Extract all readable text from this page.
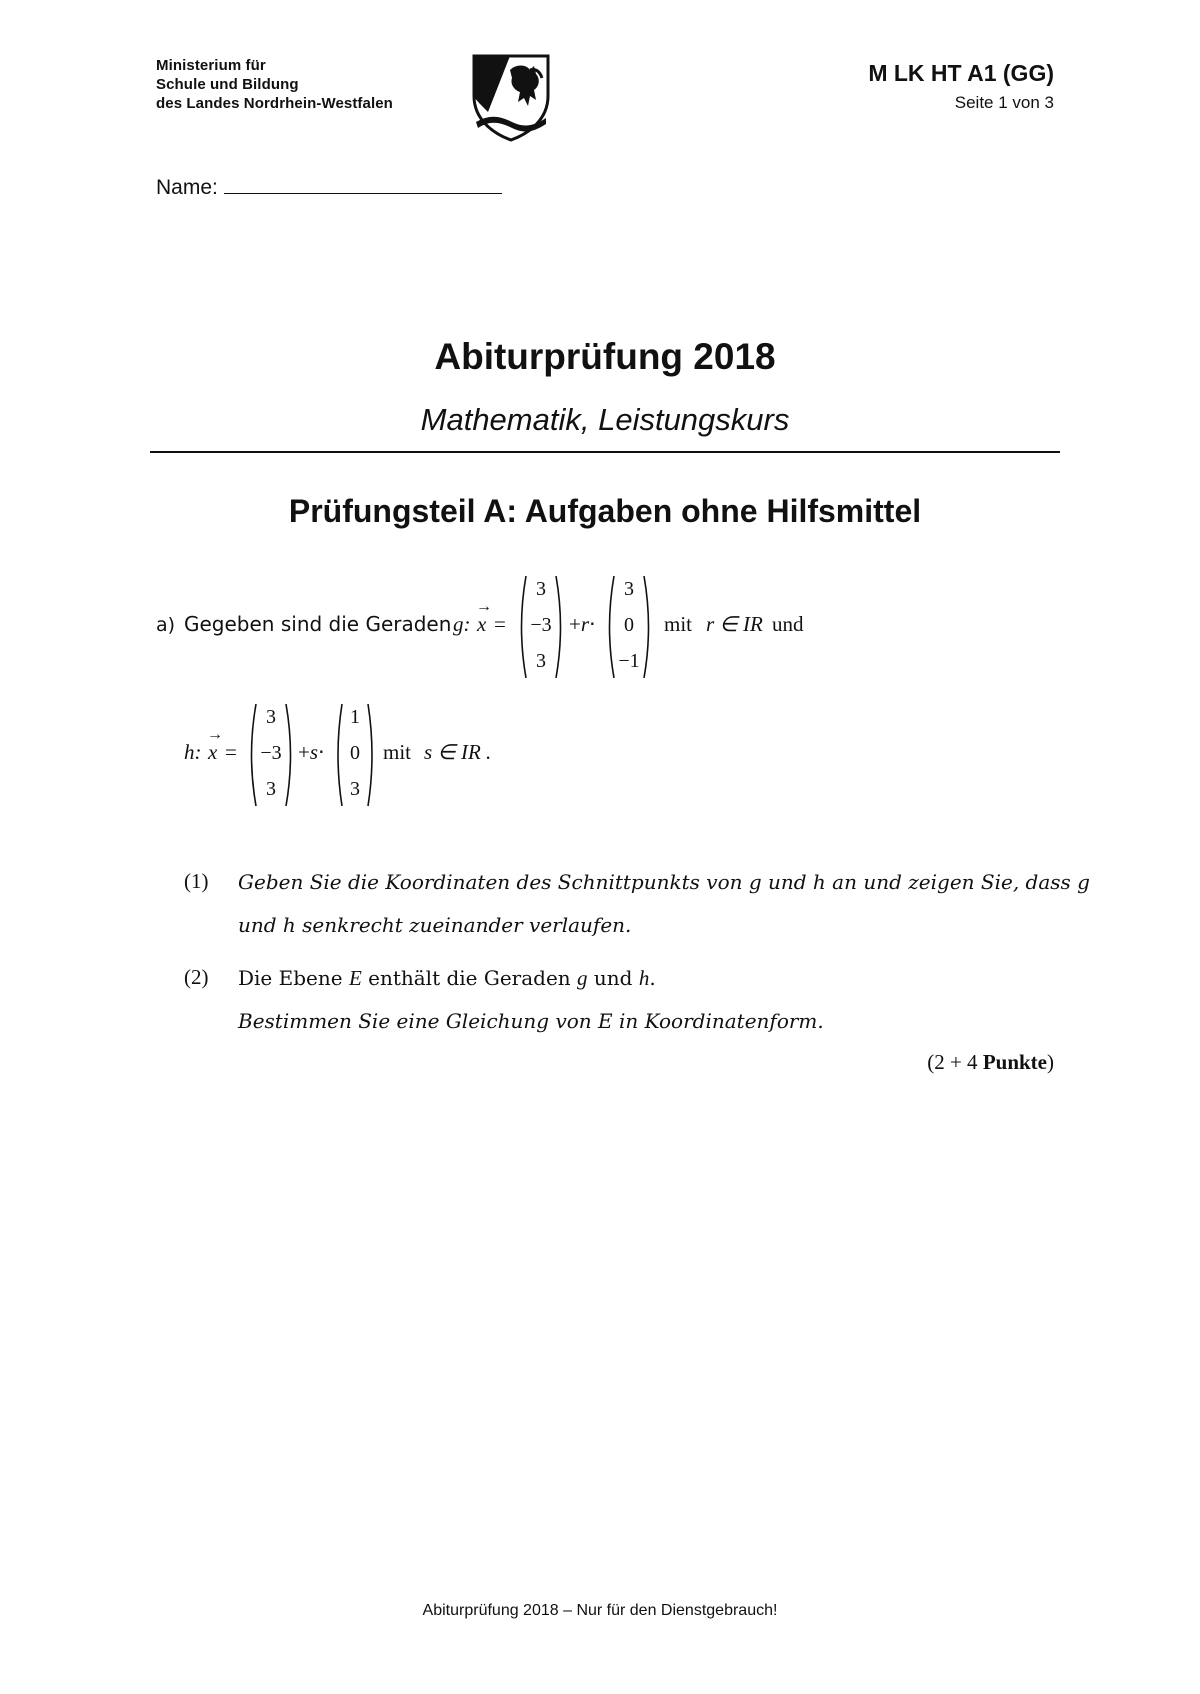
Ministerium für
Schule und Bildung
des Landes Nordrhein-Westfalen
M LK HT A1 (GG)
Seite 1 von 3
Name:
Abiturprüfung 2018
Mathematik, Leistungskurs
Prüfungsteil A: Aufgaben ohne Hilfsmittel
a) Gegeben sind die Geraden g: x
→
=
3
−3
3
+r⋅
3
0
−1
mit r ∈ IR und
h: x
→
=
3
−3
3
+s⋅
1
0
3
mit s ∈ IR .
(1) Geben Sie die Koordinaten des Schnittpunkts von g und h an und zeigen Sie, dass g
und h senkrecht zueinander verlaufen.
(2) Die Ebene E enthält die Geraden g und h.
Bestimmen Sie eine Gleichung von E in Koordinatenform.
(2 + 4 Punkte)
Abiturprüfung 2018 – Nur für den Dienstgebrauch!
